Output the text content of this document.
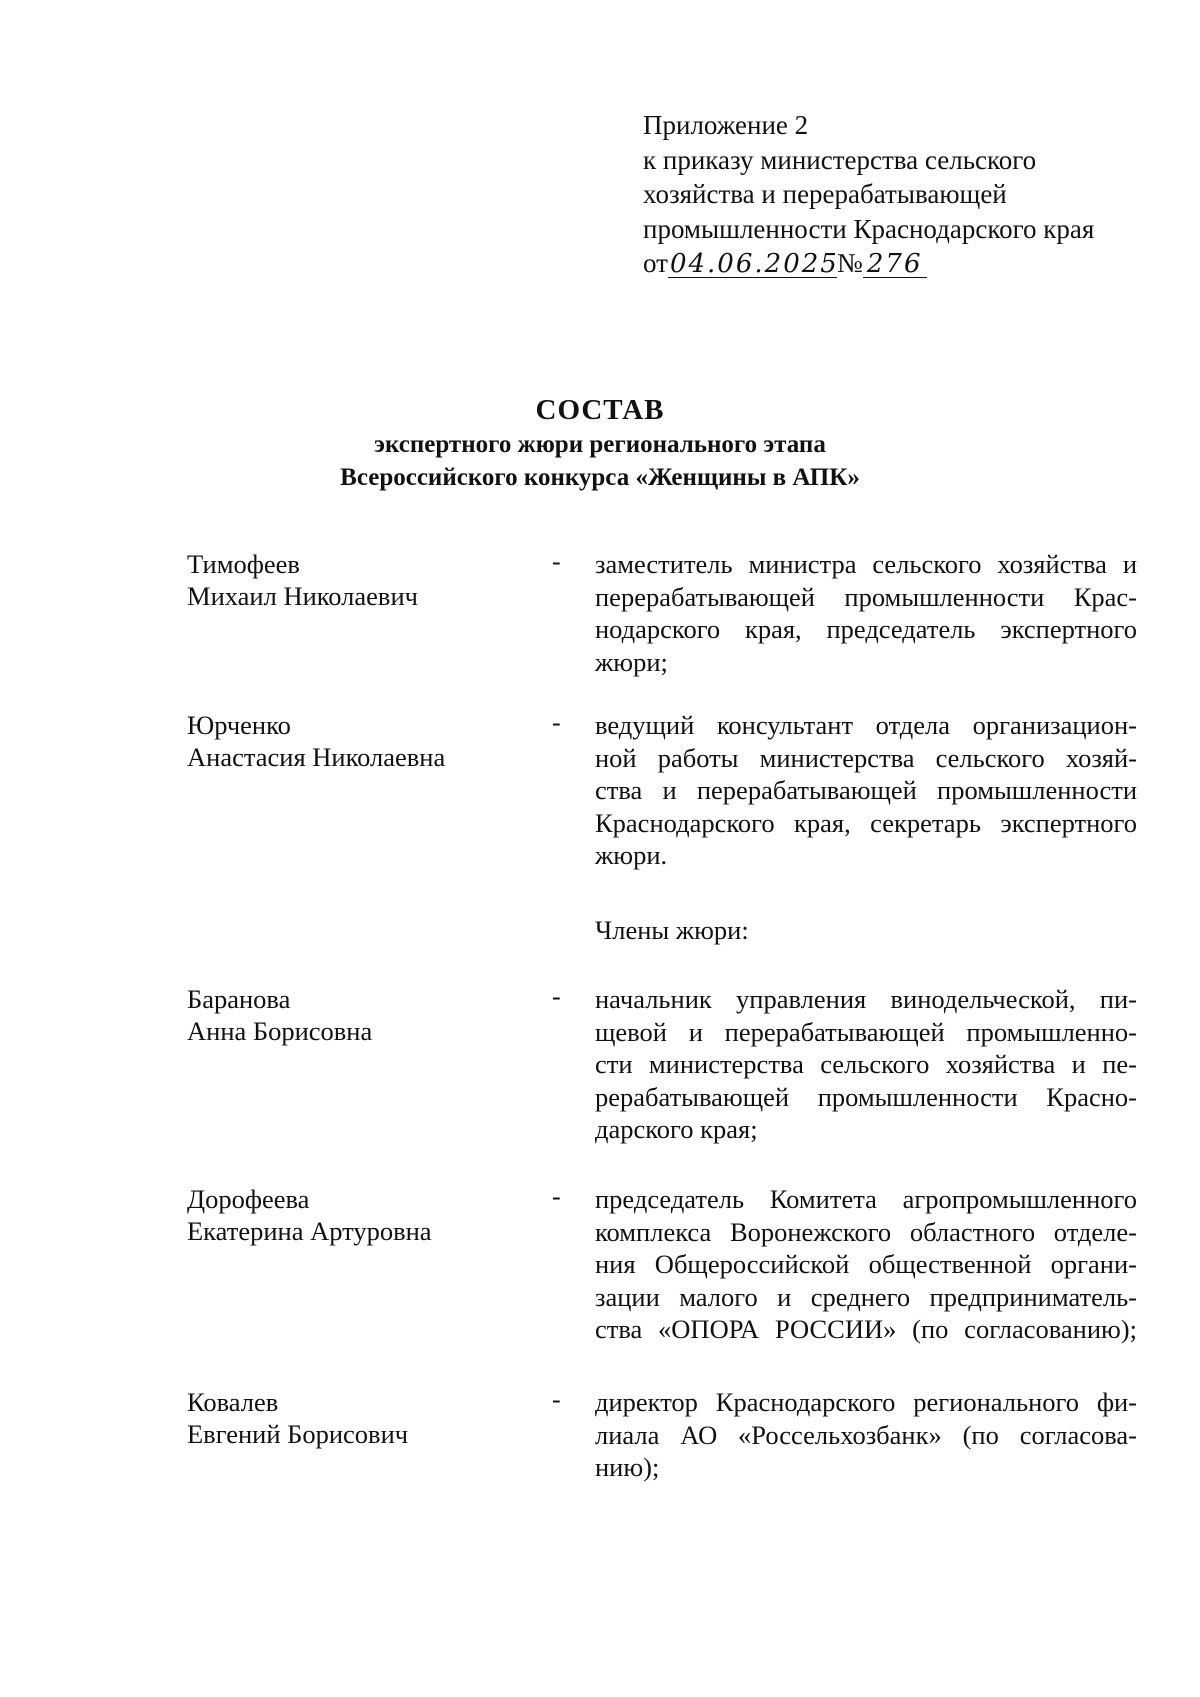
Приложение 2
к приказу министерства сельского
хозяйства и перерабатывающей
промышленности Краснодарского края
от 04.06.2025
№ 276
СОСТАВ
экспертного жюри регионального этапа
Всероссийского конкурса «Женщины в АПК»
Тимофеев
Михаил Николаевич
- заместитель министра сельского хозяйства и
перерабатывающей промышленности Крас-
нодарского края, председатель экспертного
жюри;
Юрченко
Анастасия Николаевна
- ведущий консультант отдела организацион-
ной работы министерства сельского хозяй-
ства и перерабатывающей промышленности
Краснодарского края, секретарь экспертного
жюри.
Члены жюри:
Баранова
Анна Борисовна
- начальник управления винодельческой, пи-
щевой и перерабатывающей промышленно-
сти министерства сельского хозяйства и пе-
рерабатывающей промышленности Красно-
дарского края;
Дорофеева
Екатерина Артуровна
- председатель Комитета агропромышленного
комплекса Воронежского областного отделе-
ния Общероссийской общественной органи-
зации малого и среднего предприниматель-
ства «ОПОРА РОССИИ» (по согласованию);
Ковалев
Евгений Борисович
- директор Краснодарского регионального фи-
лиала АО «Россельхозбанк» (по согласова-
нию);
